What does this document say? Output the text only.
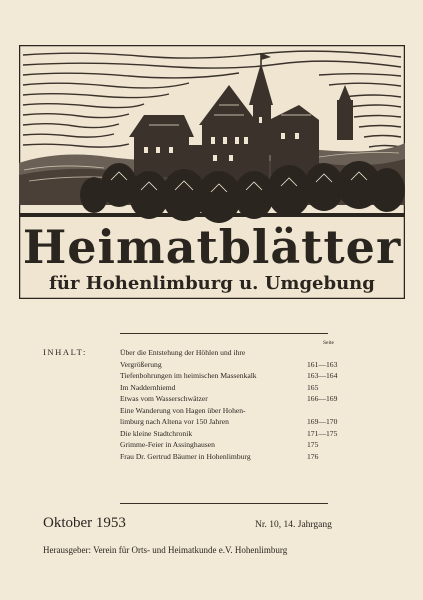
Heimatblätter
für Hohenlimburg u. Umgebung
INHALT:
Seite
Über die Entstehung der Höhlen und ihre
Vergrößerung	161—163
Tiefenbohrungen im heimischen Massenkalk	163—164
Im Naddernhiemd	165
Etwas vom Wasserschwätzer	166—169
Eine Wanderung von Hagen über Hohen-
limburg nach Altena vor 150 Jahren	169—170
Die kleine Stadtchronik	171—175
Grimme-Feier in Assinghausen	175
Frau Dr. Gertrud Bäumer in Hohenlimburg	176
Oktober 1953	Nr. 10, 14. Jahrgang
Herausgeber: Verein für Orts- und Heimatkunde e.V. Hohenlimburg
